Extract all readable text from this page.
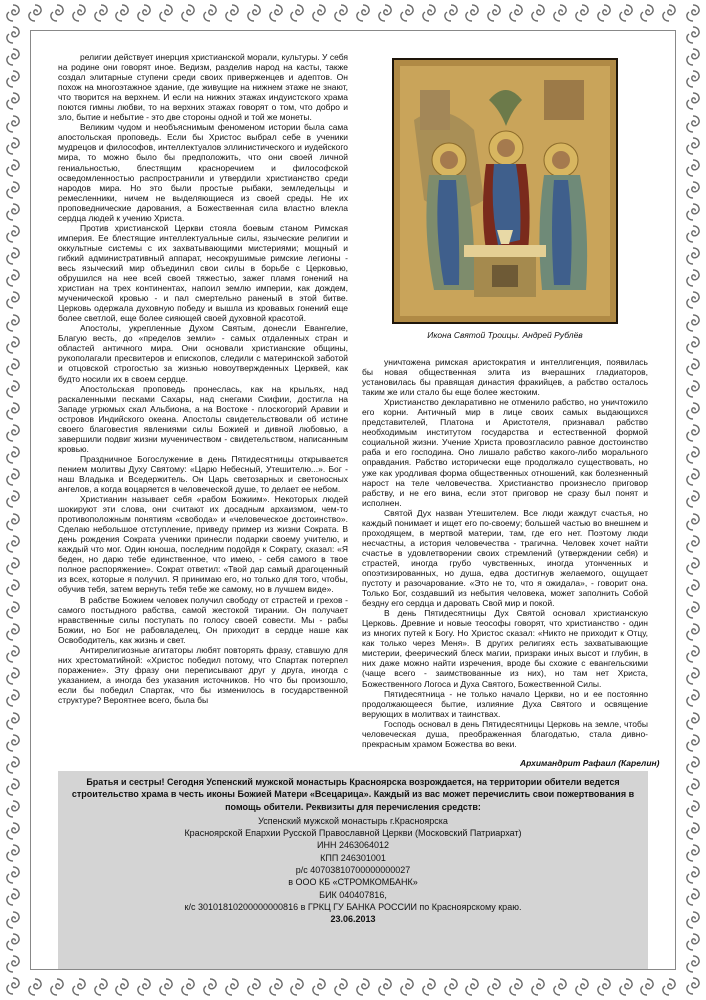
религии действует инерция христианской морали, культуры. У себя на родине они говорят иное. Ведизм, разделив народ на касты, также создал элитарные ступени среди своих приверженцев и адептов. Он похож на многоэтажное здание, где живущие на нижнем этаже не знают, что творится на верхнем. И если на нижних этажах индуистского храма поются гимны любви, то на верхних этажах говорят о том, что добро и зло, бытие и небытие - это две стороны одной и той же монеты.

Великим чудом и необъяснимым феноменом истории была сама апостольская проповедь. Если бы Христос выбрал себе в ученики мудрецов и философов, интеллектуалов эллинистического и иудейского мира, то можно было бы предположить, что они своей личной гениальностью, блестящим красноречием и философской осведомленностью распространили и утвердили христианство среди народов мира. Но это были простые рыбаки, земледельцы и ремесленники, ничем не выделяющиеся из своей среды. Не их проповеднические дарования, а Божественная сила властно влекла сердца людей к учению Христа.

Против христианской Церкви стояла боевым станом Римская империя. Ее блестящие интеллектуальные силы, языческие религии и оккультные системы с их захватывающими мистериями; мощный и гибкий административный аппарат, несокрушимые римские легионы - весь языческий мир объединил свои силы в борьбе с Церковью, обрушился на нее всей своей тяжестью, зажег пламя гонений на христиан на трех континентах, напоил землю империи, как дождем, мученической кровью - и пал смертельно раненый в этой битве. Церковь одержала духовную победу и вышла из кровавых гонений еще более светлой, еще более сияющей своей духовной красотой.

Апостолы, укрепленные Духом Святым, донесли Евангелие, Благую весть, до «пределов земли» - самых отдаленных стран и областей античного мира. Они основали христианские общины, рукополагали пресвитеров и епископов, следили с материнской заботой и отцовской строгостью за жизнью новоутвержденных Церквей, как будто носили их в своем сердце.

Апостольская проповедь пронеслась, как на крыльях, над раскаленными песками Сахары, над снегами Скифии, достигла на Западе угрюмых скал Альбиона, а на Востоке - плоскогорий Аравии и островов Индийского океана. Апостолы свидетельствовали об истине своего благовестия явлениями силы Божией и дивной любовью, а завершили подвиг жизни мученичеством - свидетельством, написанным кровью.

Праздничное Богослужение в день Пятидесятницы открывается пением молитвы Духу Святому: «Царю Небесный, Утешителю...». Бог - наш Владыка и Вседержитель. Он Царь светозарных и светоносных ангелов, а когда воцаряется в человеческой душе, то делает ее небом.

Христианин называет себя «рабом Божиим». Некоторых людей шокируют эти слова, они считают их досадным архаизмом, чем-то противоположным понятиям «свобода» и «человеческое достоинство». Сделаю небольшое отступление, приведу пример из жизни Сократа. В день рождения Сократа ученики принесли подарки своему учителю, и каждый что мог. Один юноша, последним подойдя к Сократу, сказал: «Я беден, но дарю тебе единственное, что имею, - себя самого в твое полное распоряжение». Сократ ответил: «Твой дар самый драгоценный из всех, которые я получил. Я принимаю его, но только для того, чтобы, обучив тебя, затем вернуть тебя тебе же самому, но в лучшем виде».

В рабстве Божием человек получил свободу от страстей и грехов - самого постыдного рабства, самой жестокой тирании. Он получает нравственные силы поступать по голосу своей совести. Мы - рабы Божии, но Бог не рабовладелец, Он приходит в сердце наше как Освободитель, как жизнь и свет.

Антирелигиозные агитаторы любят повторять фразу, ставшую для них хрестоматийной: «Христос победил потому, что Спартак потерпел поражение». Эту фразу они переписывают друг у друга, иногда с указанием, а иногда без указания источников. Но что бы произошло, если бы победил Спартак, что бы изменилось в государственной структуре? Вероятнее всего, была бы

Икона Святой Троицы. Андрей Рублёв

уничтожена римская аристократия и интеллигенция, появилась бы новая общественная элита из вчерашних гладиаторов, установилась бы правящая династия фракийцев, а рабство осталось таким же или стало бы еще более жестоким.

Христианство декларативно не отменило рабство, но уничтожило его корни. Античный мир в лице своих самых выдающихся представителей, Платона и Аристотеля, признавал рабство необходимым институтом государства и естественной формой социальной жизни. Учение Христа провозгласило равное достоинство раба и его господина. Оно лишало рабство какого-либо морального оправдания. Рабство исторически еще продолжало существовать, но уже как уродливая форма общественных отношений, как болезненный нарост на теле человечества. Христианство произнесло приговор рабству, и не его вина, если этот приговор не сразу был понят и исполнен.

Святой Дух назван Утешителем. Все люди жаждут счастья, но каждый понимает и ищет его по-своему; большей частью во внешнем и проходящем, в мертвой материи, там, где его нет. Поэтому люди несчастны, а история человечества - трагична. Человек хочет найти счастье в удовлетворении своих стремлений (утверждении себя) и страстей, иногда грубо чувственных, иногда утонченных и опоэтизированных, но душа, едва достигнув желаемого, ощущает пустоту и разочарование. «Это не то, что я ожидала», - говорит она. Только Бог, создавший из небытия человека, может заполнить Собой бездну его сердца и даровать Свой мир и покой.

В день Пятидесятницы Дух Святой основал христианскую Церковь. Древние и новые теософы говорят, что христианство - один из многих путей к Богу. Но Христос сказал: «Никто не приходит к Отцу, как только через Меня». В других религиях есть захватывающие мистерии, феерический блеск магии, призраки иных высот и глубин, в них даже можно найти изречения, вроде бы схожие с евангельскими (чаще всего - заимствованные из них), но там нет Христа, Божественного Логоса и Духа Святого, Божественной Силы.

Пятидесятница - не только начало Церкви, но и ее постоянно продолжающееся бытие, излияние Духа Святого и освящение верующих в молитвах и таинствах.

Господь основал в день Пятидесятницы Церковь на земле, чтобы человеческая душа, преображенная благодатью, стала дивно-прекрасным храмом Божества во веки.

Архимандрит Рафаил (Карелин)
Братья и сестры! Сегодня Успенский мужской монастырь Красноярска возрождается, на территории обители ведется строительство храма в честь иконы Божией Матери «Всецарица». Каждый из вас может перечислить свои пожертвования в помощь обители. Реквизиты для перечисления средств:
Успенский мужской монастырь г.Красноярска
Красноярской Епархии Русской Православной Церкви (Московский Патриархат)
ИНН 2463064012
КПП 246301001
р/с 40703810700000000027
в ООО КБ «СТРОМКОМБАНК»
БИК 040407816,
к/с 30101810200000000816 в ГРКЦ ГУ БАНКА РОССИИ по Красноярскому краю.
23.06.2013
